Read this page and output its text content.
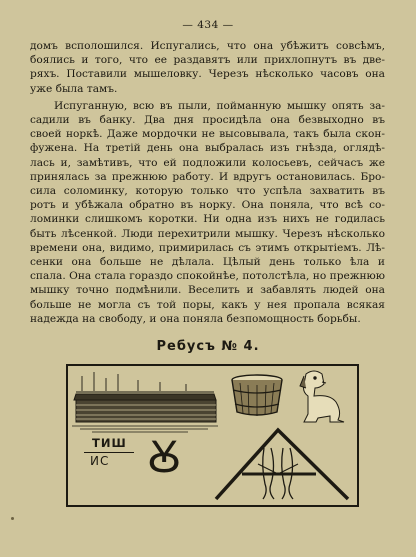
— 434 —
домъ всполошился. Испугались, что она убѣжитъ совсѣмъ,
боялись и того, что ее раздавятъ или прихлопнутъ въ две-
ряхъ. Поставили мышеловку. Черезъ нѣсколько часовъ она
уже была тамъ.
Испуганную, всю въ пыли, пойманную мышку опять за-
садили въ банку. Два дня просидѣла она безвыходно въ
своей норкѣ. Даже мордочки не высовывала, такъ была скон-
фужена. На третій день она выбралась изъ гнѣзда, оглядѣ-
лась и, замѣтивъ, что ей подложили колосьевъ, сейчасъ же
принялась за прежнюю работу. И вдругъ остановилась. Бро-
сила соломинку, которую только что успѣла захватить въ
ротъ и убѣжала обратно въ норку. Она поняла, что всѣ со-
ломинки слишкомъ коротки. Ни одна изъ нихъ не годилась
быть лѣсенкой. Люди перехитрили мышку. Черезъ нѣсколько
времени она, видимо, примирилась съ этимъ открытіемъ. Лѣ-
сенки она больше не дѣлала. Цѣлый день только ѣла и
спала. Она стала гораздо спокойнѣе, потолстѣла, но прежнюю
мышку точно подмѣнили. Веселить и забавлять людей она
больше не могла съ той поры, какъ у нея пропала всякая
надежда на свободу, и она поняла безпомощность борьбы.
Ребусъ № 4.
ТИШ
ИС Ꙋ
